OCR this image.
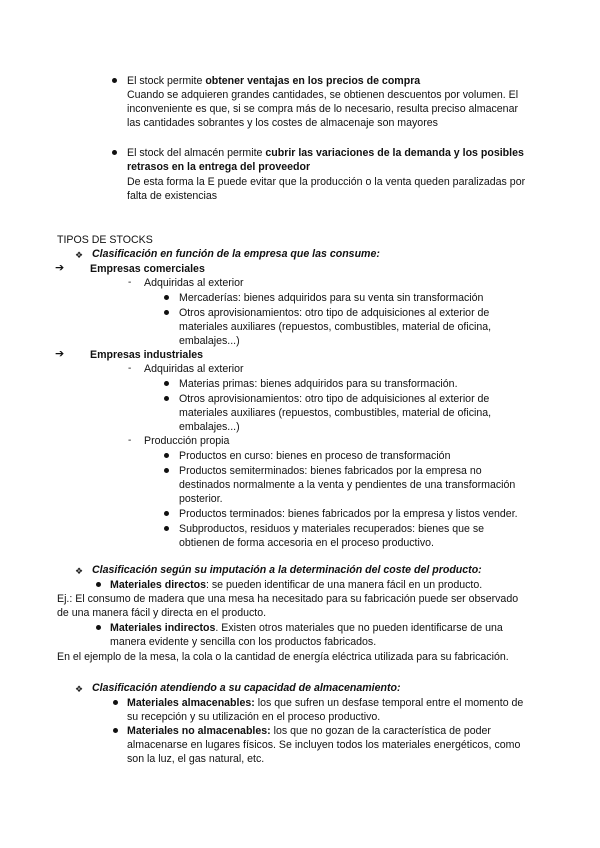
El stock permite obtener ventajas en los precios de compra
Cuando se adquieren grandes cantidades, se obtienen descuentos por volumen. El
inconveniente es que, si se compra más de lo necesario, resulta preciso almacenar
las cantidades sobrantes y los costes de almacenaje son mayores
El stock del almacén permite cubrir las variaciones de la demanda y los posibles
retrasos en la entrega del proveedor
De esta forma la E puede evitar que la producción o la venta queden paralizadas por
falta de existencias
TIPOS DE STOCKS
❖ Clasificación en función de la empresa que las consume:
➔ Empresas comerciales
- Adquiridas al exterior
Mercaderías: bienes adquiridos para su venta sin transformación
Otros aprovisionamientos: otro tipo de adquisiciones al exterior de
materiales auxiliares (repuestos, combustibles, material de oficina,
embalajes...)
➔ Empresas industriales
- Adquiridas al exterior
Materias primas: bienes adquiridos para su transformación.
Otros aprovisionamientos: otro tipo de adquisiciones al exterior de
materiales auxiliares (repuestos, combustibles, material de oficina,
embalajes...)
- Producción propia
Productos en curso: bienes en proceso de transformación
Productos semiterminados: bienes fabricados por la empresa no
destinados normalmente a la venta y pendientes de una transformación
posterior.
Productos terminados: bienes fabricados por la empresa y listos vender.
Subproductos, residuos y materiales recuperados: bienes que se
obtienen de forma accesoria en el proceso productivo.
❖ Clasificación según su imputación a la determinación del coste del producto:
Materiales directos: se pueden identificar de una manera fácil en un producto.
Ej.: El consumo de madera que una mesa ha necesitado para su fabricación puede ser observado
de una manera fácil y directa en el producto.
Materiales indirectos. Existen otros materiales que no pueden identificarse de una
manera evidente y sencilla con los productos fabricados.
En el ejemplo de la mesa, la cola o la cantidad de energía eléctrica utilizada para su fabricación.
❖ Clasificación atendiendo a su capacidad de almacenamiento:
Materiales almacenables: los que sufren un desfase temporal entre el momento de
su recepción y su utilización en el proceso productivo.
Materiales no almacenables: los que no gozan de la característica de poder
almacenarse en lugares físicos. Se incluyen todos los materiales energéticos, como
son la luz, el gas natural, etc.
